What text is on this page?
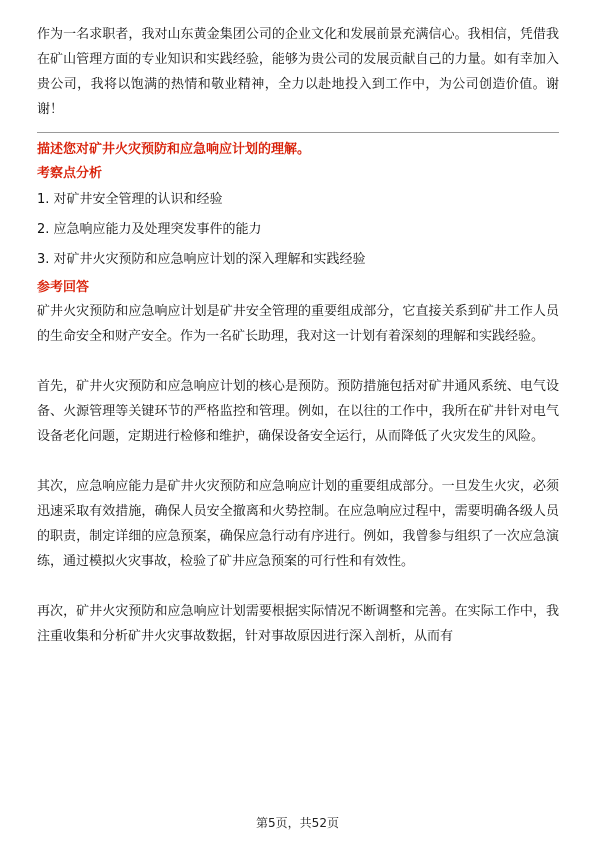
作为一名求职者，我对山东黄金集团公司的企业文化和发展前景充满信心。我相信，凭借我在矿山管理方面的专业知识和实践经验，能够为贵公司的发展贡献自己的力量。如有幸加入贵公司，我将以饱满的热情和敬业精神，全力以赴地投入到工作中，为公司创造价值。谢谢！

描述您对矿井火灾预防和应急响应计划的理解。
考察点分析
1. 对矿井安全管理的认识和经验
2. 应急响应能力及处理突发事件的能力
3. 对矿井火灾预防和应急响应计划的深入理解和实践经验
参考回答

矿井火灾预防和应急响应计划是矿井安全管理的重要组成部分，它直接关系到矿井工作人员的生命安全和财产安全。作为一名矿长助理，我对这一计划有着深刻的理解和实践经验。

首先，矿井火灾预防和应急响应计划的核心是预防。预防措施包括对矿井通风系统、电气设备、火源管理等关键环节的严格监控和管理。例如，在以往的工作中，我所在矿井针对电气设备老化问题，定期进行检修和维护，确保设备安全运行，从而降低了火灾发生的风险。

其次，应急响应能力是矿井火灾预防和应急响应计划的重要组成部分。一旦发生火灾，必须迅速采取有效措施，确保人员安全撤离和火势控制。在应急响应过程中，需要明确各级人员的职责，制定详细的应急预案，确保应急行动有序进行。例如，我曾参与组织了一次应急演练，通过模拟火灾事故，检验了矿井应急预案的可行性和有效性。

再次，矿井火灾预防和应急响应计划需要根据实际情况不断调整和完善。在实际工作中，我注重收集和分析矿井火灾事故数据，针对事故原因进行深入剖析，从而有

第5页，共52页
